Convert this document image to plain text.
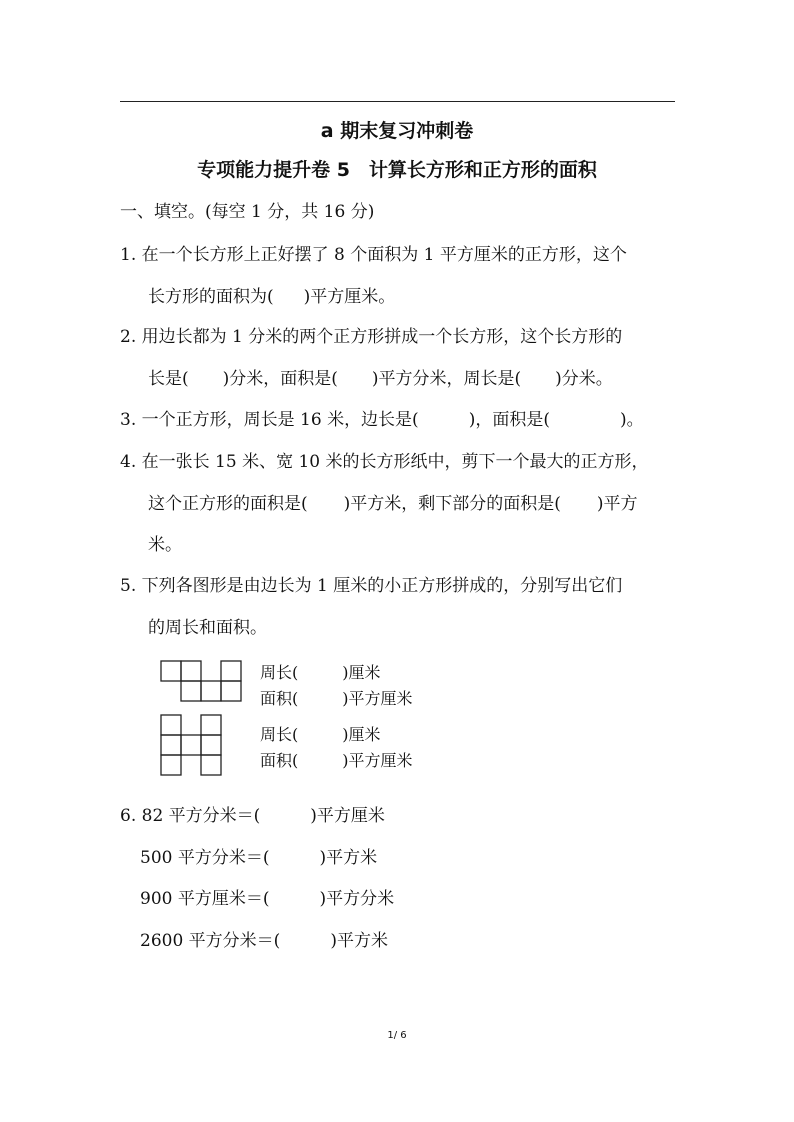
a 期末复习冲刺卷
专项能力提升卷 5　计算长方形和正方形的面积
一、填空。(每空 1 分，共 16 分)
1. 在一个长方形上正好摆了 8 个面积为 1 平方厘米的正方形，这个
长方形的面积为( )平方厘米。
2. 用边长都为 1 分米的两个正方形拼成一个长方形，这个长方形的
长是( )分米，面积是( )平方分米，周长是( )分米。
3. 一个正方形，周长是 16 米，边长是(	)，面积是(	)。
4. 在一张长 15 米、宽 10 米的长方形纸中，剪下一个最大的正方形，
这个正方形的面积是( )平方米，剩下部分的面积是( )平方
米。
5. 下列各图形是由边长为 1 厘米的小正方形拼成的，分别写出它们
的周长和面积。
周长(	)厘米
面积(	)平方厘米
周长(	)厘米
面积(	)平方厘米
6. 82 平方分米＝(	)平方厘米
500 平方分米＝(	)平方米
900 平方厘米＝(	)平方分米
2600 平方分米＝(	)平方米
1/ 6
